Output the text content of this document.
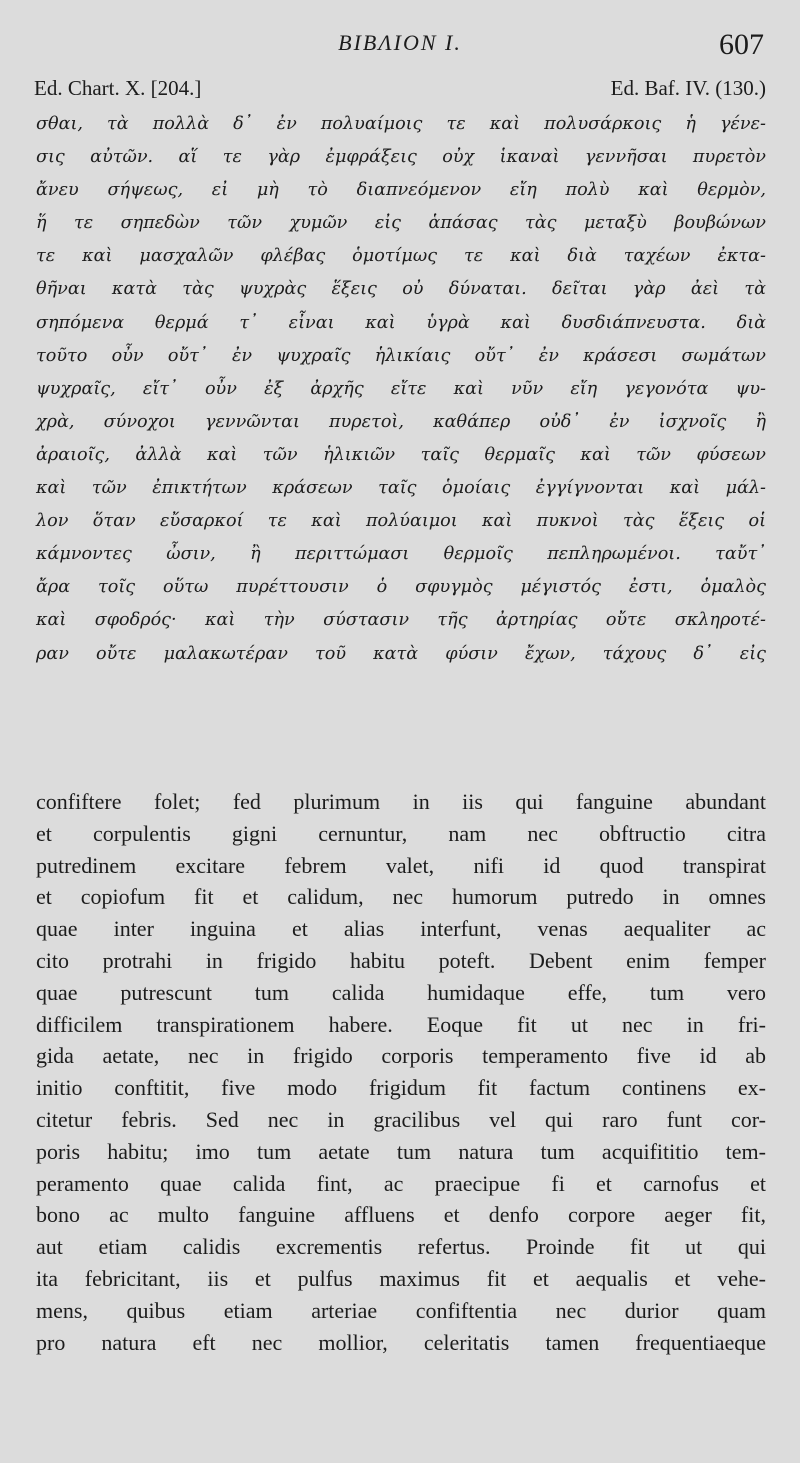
BIBΛΙΟΝ I.	607
Ed. Chart. X. [204.]	Ed. Baf. IV. (130.)
σθαι, τὰ πολλὰ δ᾽ ἐν πολυαίμοις τε καὶ πολυσάρκοις ἡ γένε-
σις αὐτῶν. αἵ τε γὰρ ἐμφράξεις οὐχ ἱκαναὶ γεννῆσαι πυρετὸν
ἄνευ σήψεως, εἰ μὴ τὸ διαπνεόμενον εἴη πολὺ καὶ θερμὸν,
ἥ τε σηπεδὼν τῶν χυμῶν εἰς ἁπάσας τὰς μεταξὺ βουβώνων
τε καὶ μασχαλῶν φλέβας ὁμοτίμως τε καὶ διὰ ταχέων ἐκτα-
θῆναι κατὰ τὰς ψυχρὰς ἕξεις οὐ δύναται. δεῖται γὰρ ἀεὶ τὰ
σηπόμενα θερμά τ᾽ εἶναι καὶ ὑγρὰ καὶ δυσδιάπνευστα. διὰ
τοῦτο οὖν οὔτ᾽ ἐν ψυχραῖς ἡλικίαις οὔτ᾽ ἐν κράσεσι σωμάτων
ψυχραῖς, εἴτ᾽ οὖν ἐξ ἀρχῆς εἴτε καὶ νῦν εἴη γεγονότα ψυ-
χρὰ, σύνοχοι γεννῶνται πυρετοὶ, καθάπερ οὐδ᾽ ἐν ἰσχνοῖς ἢ
ἀραιοῖς, ἀλλὰ καὶ τῶν ἡλικιῶν ταῖς θερμαῖς καὶ τῶν φύσεων
καὶ τῶν ἐπικτήτων κράσεων ταῖς ὁμοίαις ἐγγίγνονται καὶ μάλ-
λον ὅταν εὔσαρκοί τε καὶ πολύαιμοι καὶ πυκνοὶ τὰς ἕξεις οἱ
κάμνοντες ὦσιν, ἢ περιττώμασι θερμοῖς πεπληρωμένοι. ταὔτ᾽
ἄρα τοῖς οὕτω πυρέττουσιν ὁ σφυγμὸς μέγιστός ἐστι, ὁμαλὸς
καὶ σφοδρός· καὶ τὴν σύστασιν τῆς ἀρτηρίας οὔτε σκληροτέ-
ραν οὔτε μαλακωτέραν τοῦ κατὰ φύσιν ἔχων, τάχους δ᾽ εἰς
confiftere folet; fed plurimum in iis qui fanguine abundant
et corpulentis gigni cernuntur, nam nec obftructio citra
putredinem excitare febrem valet, nifi id quod transpirat
et copiofum fit et calidum, nec humorum putredo in omnes
quae inter inguina et alias interfunt, venas aequaliter ac
cito protrahi in frigido habitu poteft. Debent enim femper
quae putrescunt tum calida humidaque effe, tum vero
difficilem transpirationem habere. Eoque fit ut nec in fri-
gida aetate, nec in frigido corporis temperamento five id ab
initio conftitit, five modo frigidum fit factum continens ex-
citetur febris. Sed nec in gracilibus vel qui raro funt cor-
poris habitu; imo tum aetate tum natura tum acquifititio tem-
peramento quae calida fint, ac praecipue fi et carnofus et
bono ac multo fanguine affluens et denfo corpore aeger fit,
aut etiam calidis excrementis refertus. Proinde fit ut qui
ita febricitant, iis et pulfus maximus fit et aequalis et vehe-
mens, quibus etiam arteriae confiftentia nec durior quam
pro natura eft nec mollior, celeritatis tamen frequentiaeque
